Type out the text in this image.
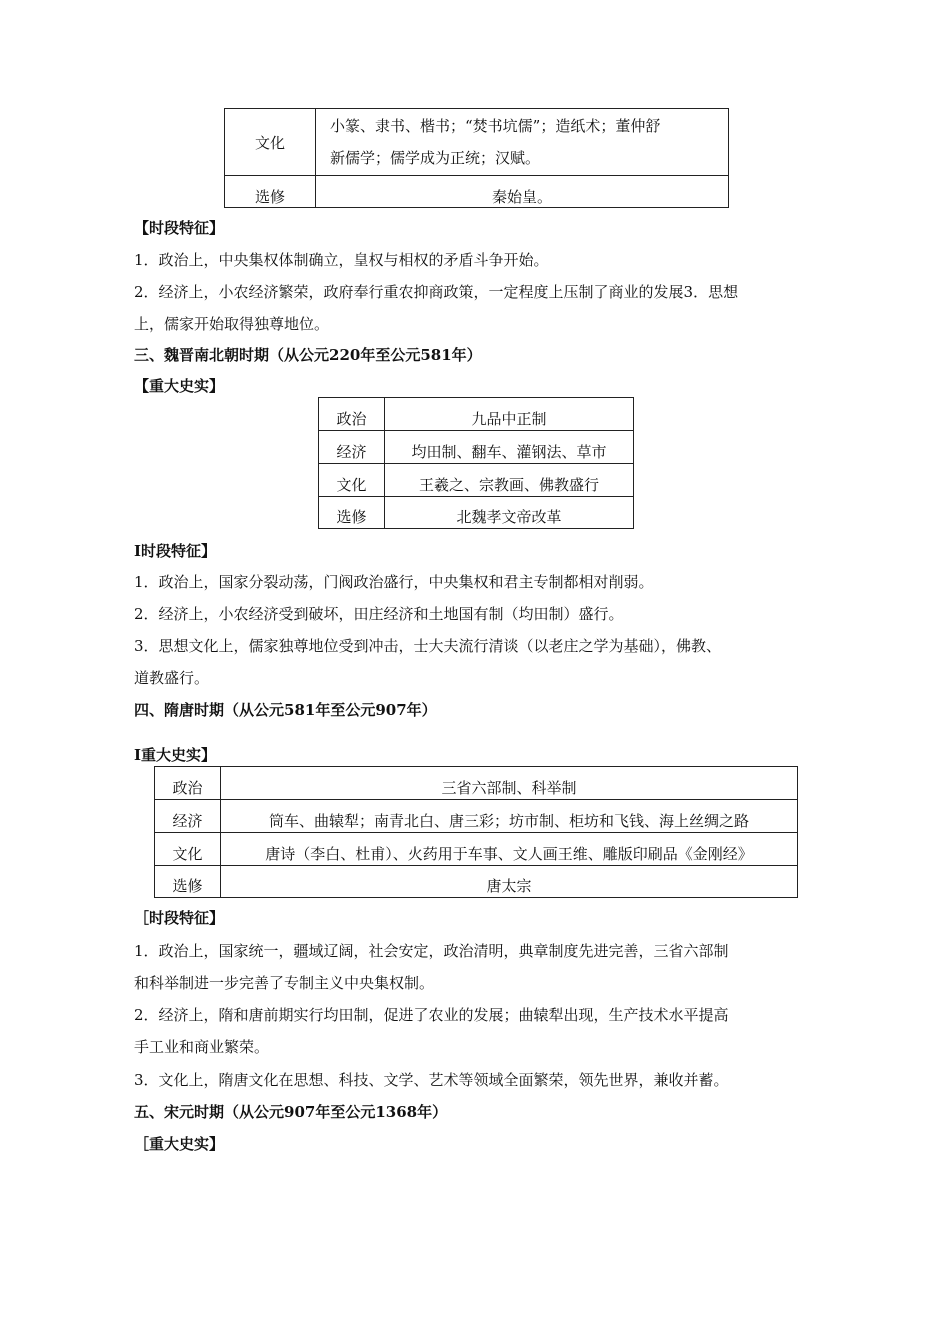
文化	小篆、隶书、楷书；“焚书坑儒”；造纸术；董仲舒
新儒学；儒学成为正统；汉赋。

选修	秦始皇。

【时段特征】

1．政治上，中央集权体制确立，皇权与相权的矛盾斗争开始。

2．经济上，小农经济繁荣，政府奉行重农抑商政策，一定程度上压制了商业的发展3．思想

上，儒家开始取得独尊地位。

三、魏晋南北朝时期（从公元220年至公元581年）

【重大史实】

政治	九品中正制
经济	均田制、翻车、灌钢法、草市
文化	王羲之、宗教画、佛教盛行
选修	北魏孝文帝改革

I时段特征】

1．政治上，国家分裂动荡，门阀政治盛行，中央集权和君主专制都相对削弱。

2．经济上，小农经济受到破坏，田庄经济和土地国有制（均田制）盛行。

3．思想文化上，儒家独尊地位受到冲击，士大夫流行清谈（以老庄之学为基础），佛教、

道教盛行。

四、隋唐时期（从公元581年至公元907年）

I重大史实】

政治	三省六部制、科举制
经济	筒车、曲辕犁；南青北白、唐三彩；坊市制、柜坊和飞钱、海上丝绸之路
文化	唐诗（李白、杜甫）、火药用于车事、文人画王维、雕版印刷品《金刚经》
选修	唐太宗

［时段特征】

1．政治上，国家统一，疆域辽阔，社会安定，政治清明，典章制度先进完善，三省六部制

和科举制进一步完善了专制主义中央集权制。

2．经济上，隋和唐前期实行均田制，促进了农业的发展；曲辕犁出现，生产技术水平提高

手工业和商业繁荣。

3．文化上，隋唐文化在思想、科技、文学、艺术等领域全面繁荣，领先世界，兼收并蓄。

五、宋元时期（从公元907年至公元1368年）

［重大史实】
